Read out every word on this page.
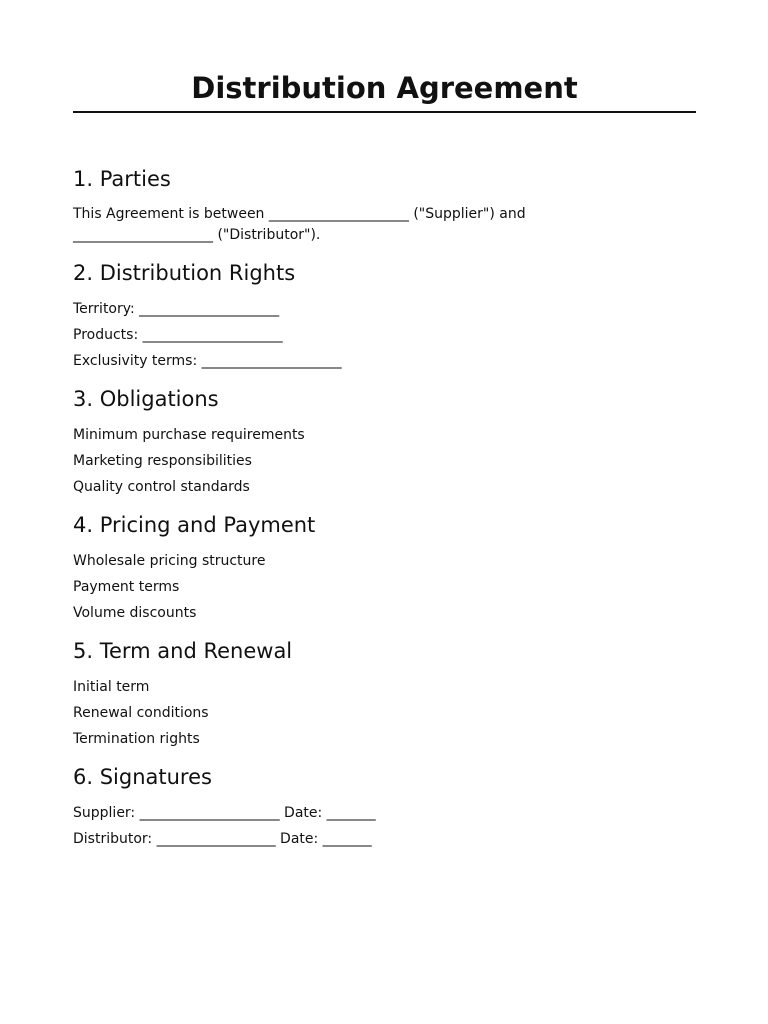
Distribution Agreement
1. Parties

This Agreement is between ____________________ ("Supplier") and ____________________ ("Distributor").

2. Distribution Rights

Territory: ____________________

Products: ____________________

Exclusivity terms: ____________________

3. Obligations

Minimum purchase requirements

Marketing responsibilities

Quality control standards

4. Pricing and Payment

Wholesale pricing structure

Payment terms

Volume discounts

5. Term and Renewal

Initial term

Renewal conditions

Termination rights

6. Signatures

Supplier: ____________________ Date: _______

Distributor: _________________ Date: _______
